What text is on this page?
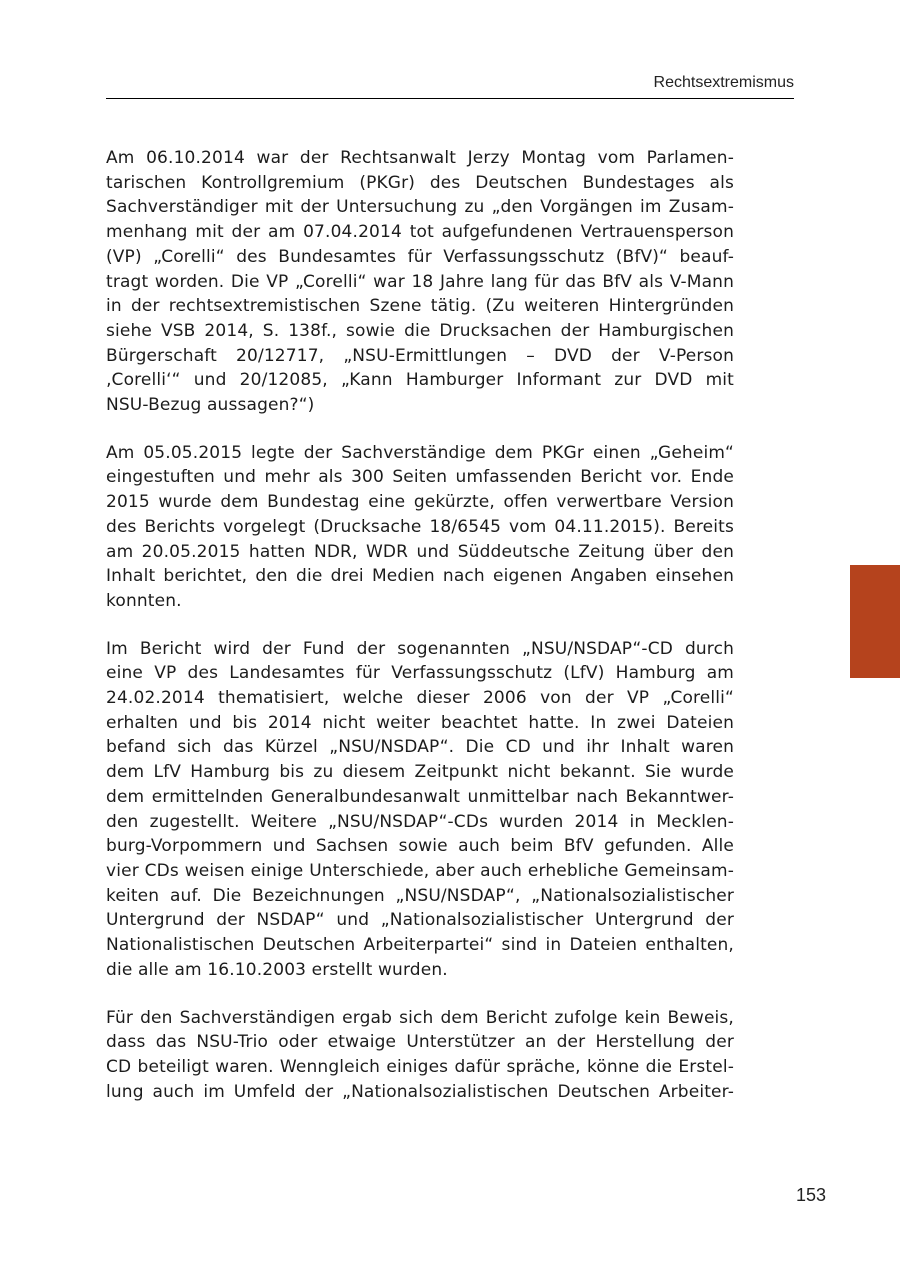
Rechtsextremismus

Am 06.10.2014 war der Rechtsanwalt Jerzy Montag vom Parlamen-
tarischen Kontrollgremium (PKGr) des Deutschen Bundestages als
Sachverständiger mit der Untersuchung zu „den Vorgängen im Zusam-
menhang mit der am 07.04.2014 tot aufgefundenen Vertrauensperson
(VP) „Corelli“ des Bundesamtes für Verfassungsschutz (BfV)“ beauf-
tragt worden. Die VP „Corelli“ war 18 Jahre lang für das BfV als V-Mann
in der rechtsextremistischen Szene tätig. (Zu weiteren Hintergründen
siehe VSB 2014, S. 138f., sowie die Drucksachen der Hamburgischen
Bürgerschaft 20/12717, „NSU-Ermittlungen – DVD der V-Person
‚Corelli‘“ und 20/12085, „Kann Hamburger Informant zur DVD mit
NSU-Bezug aussagen?“)

Am 05.05.2015 legte der Sachverständige dem PKGr einen „Geheim“
eingestuften und mehr als 300 Seiten umfassenden Bericht vor. Ende
2015 wurde dem Bundestag eine gekürzte, offen verwertbare Version
des Berichts vorgelegt (Drucksache 18/6545 vom 04.11.2015). Bereits
am 20.05.2015 hatten NDR, WDR und Süddeutsche Zeitung über den
Inhalt berichtet, den die drei Medien nach eigenen Angaben einsehen
konnten.

Im Bericht wird der Fund der sogenannten „NSU/NSDAP“-CD durch
eine VP des Landesamtes für Verfassungsschutz (LfV) Hamburg am
24.02.2014 thematisiert, welche dieser 2006 von der VP „Corelli“
erhalten und bis 2014 nicht weiter beachtet hatte. In zwei Dateien
befand sich das Kürzel „NSU/NSDAP“. Die CD und ihr Inhalt waren
dem LfV Hamburg bis zu diesem Zeitpunkt nicht bekannt. Sie wurde
dem ermittelnden Generalbundesanwalt unmittelbar nach Bekanntwer-
den zugestellt. Weitere „NSU/NSDAP“-CDs wurden 2014 in Mecklen-
burg-Vorpommern und Sachsen sowie auch beim BfV gefunden. Alle
vier CDs weisen einige Unterschiede, aber auch erhebliche Gemeinsam-
keiten auf. Die Bezeichnungen „NSU/NSDAP“, „Nationalsozialistischer
Untergrund der NSDAP“ und „Nationalsozialistischer Untergrund der
Nationalistischen Deutschen Arbeiterpartei“ sind in Dateien enthalten,
die alle am 16.10.2003 erstellt wurden.

Für den Sachverständigen ergab sich dem Bericht zufolge kein Beweis,
dass das NSU-Trio oder etwaige Unterstützer an der Herstellung der
CD beteiligt waren. Wenngleich einiges dafür spräche, könne die Erstel-
lung auch im Umfeld der „Nationalsozialistischen Deutschen Arbeiter-

153
